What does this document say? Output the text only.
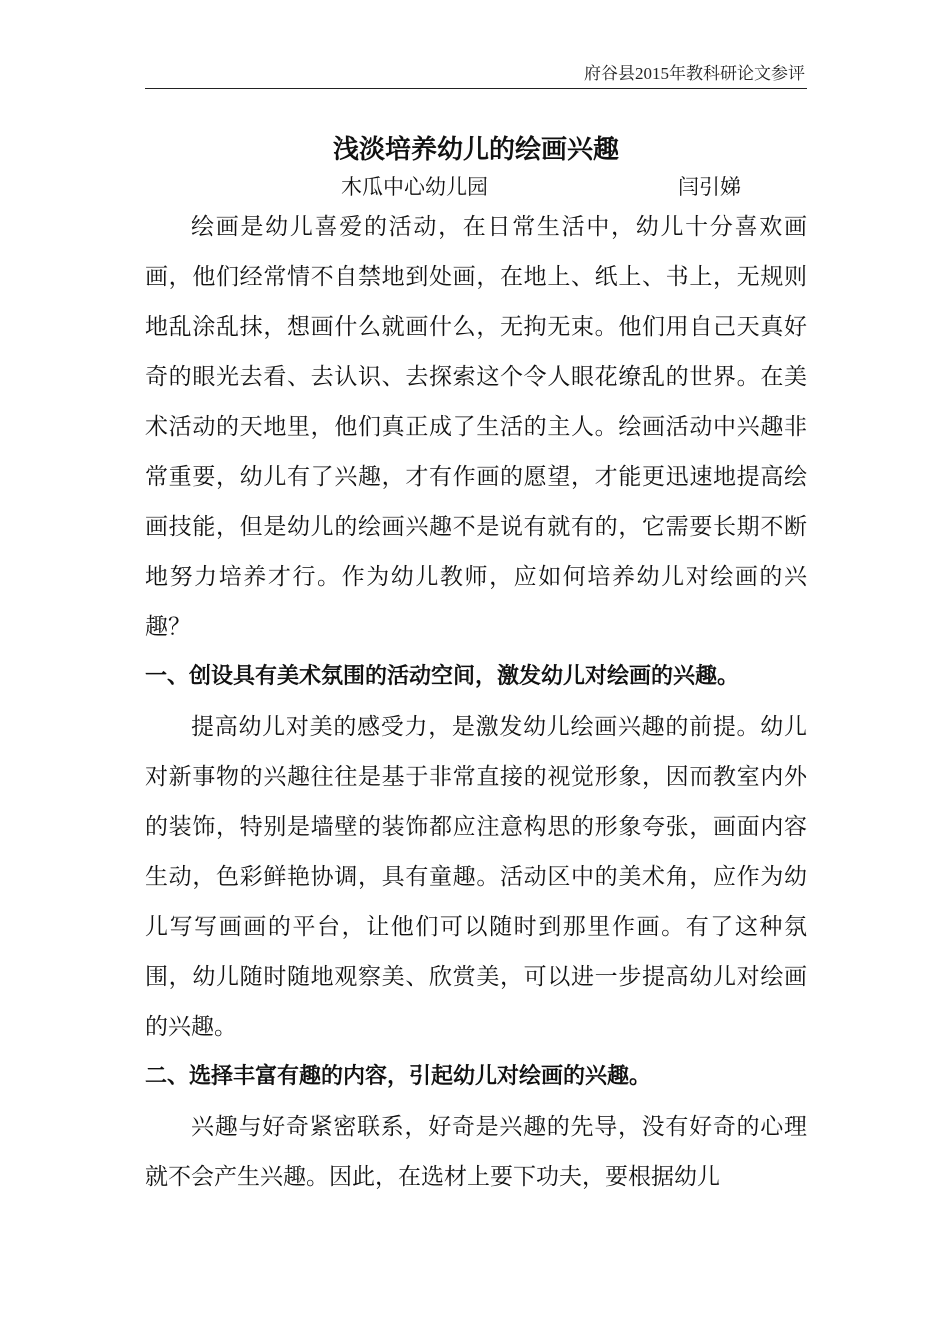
府谷县2015年教科研论文参评
浅淡培养幼儿的绘画兴趣
木瓜中心幼儿园	闫引娣

绘画是幼儿喜爱的活动，在日常生活中，幼儿十分喜欢画画，他们经常情不自禁地到处画，在地上、纸上、书上，无规则地乱涂乱抹，想画什么就画什么，无拘无束。他们用自己天真好奇的眼光去看、去认识、去探索这个令人眼花缭乱的世界。在美术活动的天地里，他们真正成了生活的主人。绘画活动中兴趣非常重要，幼儿有了兴趣，才有作画的愿望，才能更迅速地提高绘画技能，但是幼儿的绘画兴趣不是说有就有的，它需要长期不断地努力培养才行。作为幼儿教师，应如何培养幼儿对绘画的兴趣？

一、创设具有美术氛围的活动空间，激发幼儿对绘画的兴趣。

提高幼儿对美的感受力，是激发幼儿绘画兴趣的前提。幼儿对新事物的兴趣往往是基于非常直接的视觉形象，因而教室内外的装饰，特别是墙壁的装饰都应注意构思的形象夸张，画面内容生动，色彩鲜艳协调，具有童趣。活动区中的美术角，应作为幼儿写写画画的平台，让他们可以随时到那里作画。有了这种氛围，幼儿随时随地观察美、欣赏美，可以进一步提高幼儿对绘画的兴趣。

二、选择丰富有趣的内容，引起幼儿对绘画的兴趣。

兴趣与好奇紧密联系，好奇是兴趣的先导，没有好奇的心理就不会产生兴趣。因此，在选材上要下功夫，要根据幼儿
